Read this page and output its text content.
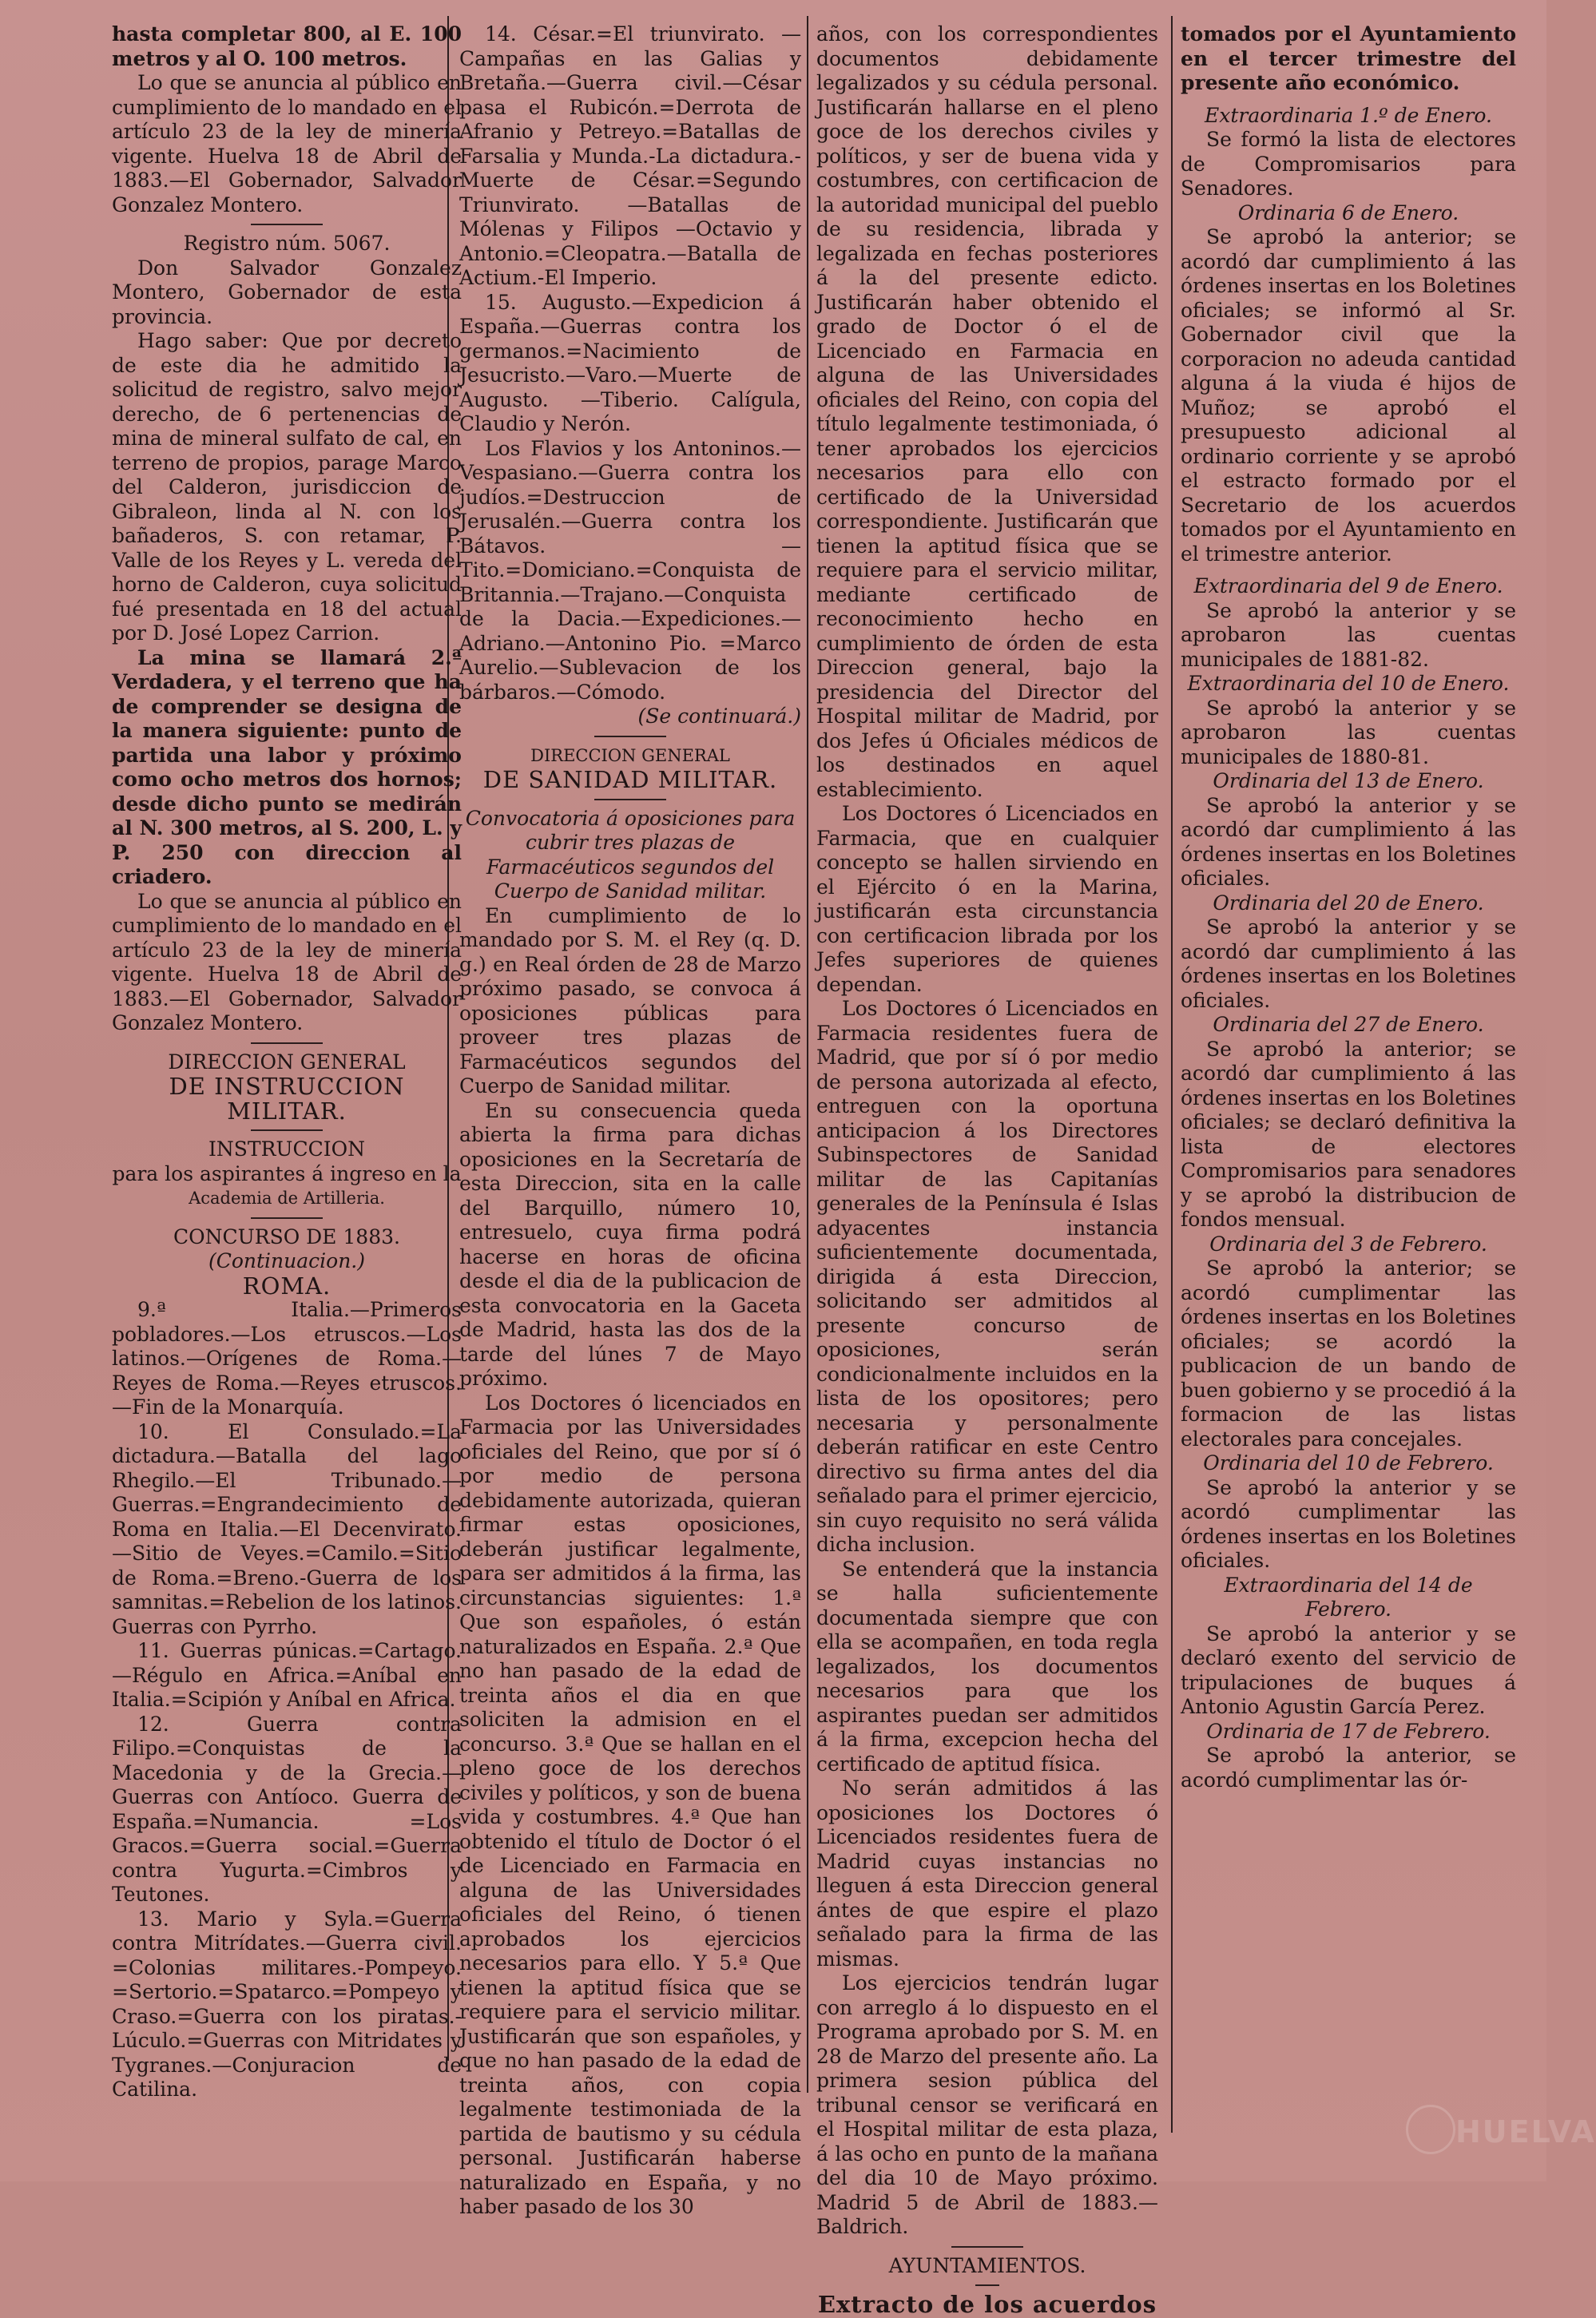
hasta completar 800, al E. 100 metros y al O. 100 metros.

Lo que se anuncia al público en cumplimiento de lo mandado en el artículo 23 de la ley de minería vigente. Huelva 18 de Abril de 1883.—El Gobernador, Salvador Gonzalez Montero.

Registro núm. 5067.

Don Salvador Gonzalez Montero, Gobernador de esta provincia.

Hago saber: Que por decreto de este dia he admitido la solicitud de registro, salvo mejor derecho, de 6 pertenencias de mina de mineral sulfato de cal, en terreno de propios, parage Marco del Calderon, jurisdiccion de Gibraleon, linda al N. con los bañaderos, S. con retamar, P. Valle de los Reyes y L. vereda del horno de Calderon, cuya solicitud fué presentada en 18 del actual por D. José Lopez Carrion.

La mina se llamará 2.ª Verdadera, y el terreno que ha de comprender se designa de la manera siguiente: punto de partida una labor y próximo como ocho metros dos hornos; desde dicho punto se medirán al N. 300 metros, al S. 200, L. y P. 250 con direccion al criadero.

Lo que se anuncia al público en cumplimiento de lo mandado en el artículo 23 de la ley de minería vigente. Huelva 18 de Abril de 1883.—El Gobernador, Salvador Gonzalez Montero.

DIRECCION GENERAL

DE INSTRUCCION MILITAR.

INSTRUCCION

para los aspirantes á ingreso en la

Academia de Artilleria.

CONCURSO DE 1883.

(Continuacion.)

ROMA.

9.ª Italia.—Primeros pobladores.—Los etruscos.—Los latinos.—Orígenes de Roma.—Reyes de Roma.—Reyes etruscos.—Fin de la Monarquía.

10. El Consulado.=La dictadura.—Batalla del lago Rhegilo.—El Tribunado.—Guerras.=Engrandecimiento de Roma en Italia.—El Decenvirato.—Sitio de Veyes.=Camilo.=Sitio de Roma.=Breno.-Guerra de los samnitas.=Rebelion de los latinos. Guerras con Pyrrho.

11. Guerras púnicas.=Cartago.—Régulo en Africa.=Aníbal en Italia.=Scipión y Aníbal en Africa.

12. Guerra contra Filipo.=Conquistas de la Macedonia y de la Grecia.—Guerras con Antíoco. Guerra de España.=Numancia. =Los Gracos.=Guerra social.=Guerra contra Yugurta.=Cimbros y Teutones.

13. Mario y Syla.=Guerra contra Mitrídates.—Guerra civil. =Colonias militares.-Pompeyo. =Sertorio.=Spatarco.=Pompeyo y Craso.=Guerra con los piratas.-Lúculo.=Guerras con Mitridates y Tygranes.—Conjuracion de Catilina.

14. César.=El triunvirato. —Campañas en las Galias y Bretaña.—Guerra civil.—César pasa el Rubicón.=Derrota de Afranio y Petreyo.=Batallas de Farsalia y Munda.-La dictadura.-Muerte de César.=Segundo Triunvirato. —Batallas de Mólenas y Filipos —Octavio y Antonio.=Cleopatra.—Batalla de Actium.-El Imperio.

15. Augusto.—Expedicion á España.—Guerras contra los germanos.=Nacimiento de Jesucristo.—Varo.—Muerte de Augusto. —Tiberio. Calígula, Claudio y Nerón.

Los Flavios y los Antoninos.—Vespasiano.—Guerra contra los judíos.=Destruccion de Jerusalén.—Guerra contra los Bátavos. —Tito.=Domiciano.=Conquista de Britannia.—Trajano.—Conquista de la Dacia.—Expediciones.—Adriano.—Antonino Pio. =Marco Aurelio.—Sublevacion de los bárbaros.—Cómodo.

(Se continuará.)

DIRECCION GENERAL

DE SANIDAD MILITAR.

Convocatoria á oposiciones para cubrir tres plazas de Farmacéuticos segundos del Cuerpo de Sanidad militar.

En cumplimiento de lo mandado por S. M. el Rey (q. D. g.) en Real órden de 28 de Marzo próximo pasado, se convoca á oposiciones públicas para proveer tres plazas de Farmacéuticos segundos del Cuerpo de Sanidad militar.

En su consecuencia queda abierta la firma para dichas oposiciones en la Secretaría de esta Direccion, sita en la calle del Barquillo, número 10, entresuelo, cuya firma podrá hacerse en horas de oficina desde el dia de la publicacion de esta convocatoria en la Gaceta de Madrid, hasta las dos de la tarde del lúnes 7 de Mayo próximo.

Los Doctores ó licenciados en Farmacia por las Universidades oficiales del Reino, que por sí ó por medio de persona debidamente autorizada, quieran firmar estas oposiciones, deberán justificar legalmente, para ser admitidos á la firma, las circunstancias siguientes: 1.ª Que son españoles, ó están naturalizados en España. 2.ª Que no han pasado de la edad de treinta años el dia en que soliciten la admision en el concurso. 3.ª Que se hallan en el pleno goce de los derechos civiles y políticos, y son de buena vida y costumbres. 4.ª Que han obtenido el título de Doctor ó el de Licenciado en Farmacia en alguna de las Universidades oficiales del Reino, ó tienen aprobados los ejercicios necesarios para ello. Y 5.ª Que tienen la aptitud física que se requiere para el servicio militar. Justificarán que son españoles, y que no han pasado de la edad de treinta años, con copia legalmente testimoniada de la partida de bautismo y su cédula personal. Justificarán haberse naturalizado en España, y no haber pasado de los 30

años, con los correspondientes documentos debidamente legalizados y su cédula personal. Justificarán hallarse en el pleno goce de los derechos civiles y políticos, y ser de buena vida y costumbres, con certificacion de la autoridad municipal del pueblo de su residencia, librada y legalizada en fechas posteriores á la del presente edicto. Justificarán haber obtenido el grado de Doctor ó el de Licenciado en Farmacia en alguna de las Universidades oficiales del Reino, con copia del título legalmente testimoniada, ó tener aprobados los ejercicios necesarios para ello con certificado de la Universidad correspondiente. Justificarán que tienen la aptitud física que se requiere para el servicio militar, mediante certificado de reconocimiento hecho en cumplimiento de órden de esta Direccion general, bajo la presidencia del Director del Hospital militar de Madrid, por dos Jefes ú Oficiales médicos de los destinados en aquel establecimiento.

Los Doctores ó Licenciados en Farmacia, que en cualquier concepto se hallen sirviendo en el Ejército ó en la Marina, justificarán esta circunstancia con certificacion librada por los Jefes superiores de quienes dependan.

Los Doctores ó Licenciados en Farmacia residentes fuera de Madrid, que por sí ó por medio de persona autorizada al efecto, entreguen con la oportuna anticipacion á los Directores Subinspectores de Sanidad militar de las Capitanías generales de la Península é Islas adyacentes instancia suficientemente documentada, dirigida á esta Direccion, solicitando ser admitidos al presente concurso de oposiciones, serán condicionalmente incluidos en la lista de los opositores; pero necesaria y personalmente deberán ratificar en este Centro directivo su firma antes del dia señalado para el primer ejercicio, sin cuyo requisito no será válida dicha inclusion.

Se entenderá que la instancia se halla suficientemente documentada siempre que con ella se acompañen, en toda regla legalizados, los documentos necesarios para que los aspirantes puedan ser admitidos á la firma, excepcion hecha del certificado de aptitud física.

No serán admitidos á las oposiciones los Doctores ó Licenciados residentes fuera de Madrid cuyas instancias no lleguen á esta Direccion general ántes de que espire el plazo señalado para la firma de las mismas.

Los ejercicios tendrán lugar con arreglo á lo dispuesto en el Programa aprobado por S. M. en 28 de Marzo del presente año. La primera sesion pública del tribunal censor se verificará en el Hospital militar de esta plaza, á las ocho en punto de la mañana del dia 10 de Mayo próximo. Madrid 5 de Abril de 1883.—Baldrich.

AYUNTAMIENTOS.

Extracto de los acuerdos

tomados por el Ayuntamiento en el tercer trimestre del presente año económico.

Extraordinaria 1.º de Enero.

Se formó la lista de electores de Compromisarios para Senadores.

Ordinaria 6 de Enero.

Se aprobó la anterior; se acordó dar cumplimiento á las órdenes insertas en los Boletines oficiales; se informó al Sr. Gobernador civil que la corporacion no adeuda cantidad alguna á la viuda é hijos de Muñoz; se aprobó el presupuesto adicional al ordinario corriente y se aprobó el estracto formado por el Secretario de los acuerdos tomados por el Ayuntamiento en el trimestre anterior.

Extraordinaria del 9 de Enero.

Se aprobó la anterior y se aprobaron las cuentas municipales de 1881-82.

Extraordinaria del 10 de Enero.

Se aprobó la anterior y se aprobaron las cuentas municipales de 1880-81.

Ordinaria del 13 de Enero.

Se aprobó la anterior y se acordó dar cumplimiento á las órdenes insertas en los Boletines oficiales.

Ordinaria del 20 de Enero.

Se aprobó la anterior y se acordó dar cumplimiento á las órdenes insertas en los Boletines oficiales.

Ordinaria del 27 de Enero.

Se aprobó la anterior; se acordó dar cumplimiento á las órdenes insertas en los Boletines oficiales; se declaró definitiva la lista de electores Compromisarios para senadores y se aprobó la distribucion de fondos mensual.

Ordinaria del 3 de Febrero.

Se aprobó la anterior; se acordó cumplimentar las órdenes insertas en los Boletines oficiales; se acordó la publicacion de un bando de buen gobierno y se procedió á la formacion de las listas electorales para concejales.

Ordinaria del 10 de Febrero.

Se aprobó la anterior y se acordó cumplimentar las órdenes insertas en los Boletines oficiales.

Extraordinaria del 14 de Febrero.

Se aprobó la anterior y se declaró exento del servicio de tripulaciones de buques á Antonio Agustin García Perez.

Ordinaria de 17 de Febrero.

Se aprobó la anterior, se acordó cumplimentar las ór-

HUELVA
